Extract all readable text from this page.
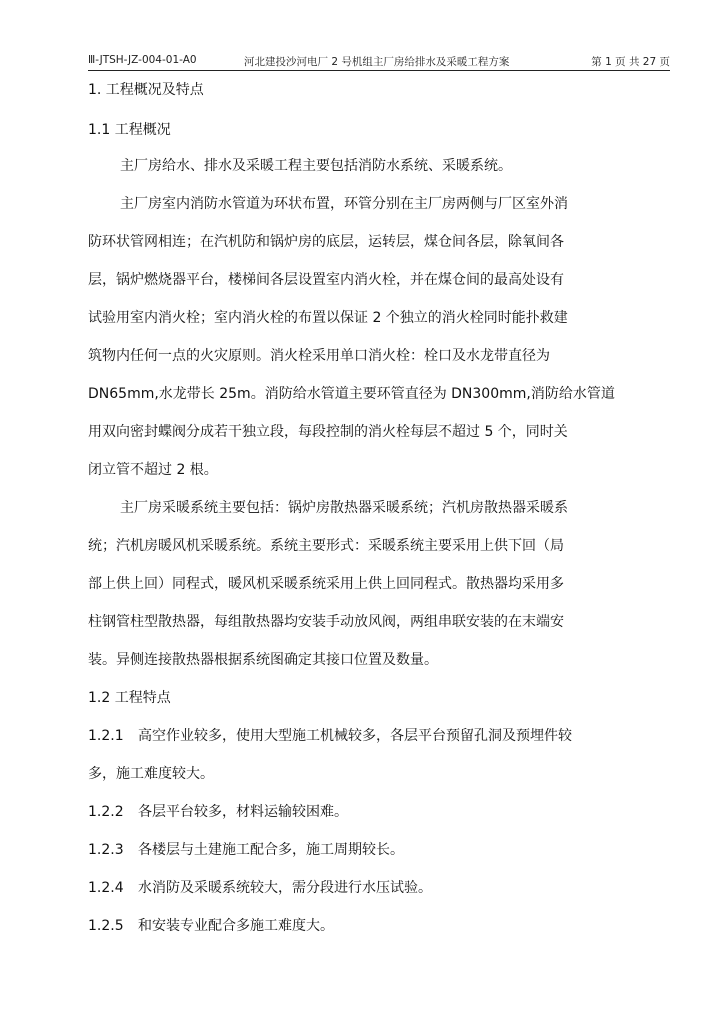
Ⅲ-JTSH-JZ-004-01-A0	河北建投沙河电厂 2 号机组主厂房给排水及采暖工程方案	第 1 页 共 27 页
1. 工程概况及特点
1.1 工程概况
主厂房给水、排水及采暖工程主要包括消防水系统、采暖系统。
主厂房室内消防水管道为环状布置，环管分别在主厂房两侧与厂区室外消
防环状管网相连；在汽机防和锅炉房的底层，运转层，煤仓间各层，除氧间各
层，锅炉燃烧器平台，楼梯间各层设置室内消火栓，并在煤仓间的最高处设有
试验用室内消火栓；室内消火栓的布置以保证 2 个独立的消火栓同时能扑救建
筑物内任何一点的火灾原则。消火栓采用单口消火栓：栓口及水龙带直径为
DN65mm,水龙带长 25m。消防给水管道主要环管直径为 DN300mm,消防给水管道
用双向密封蝶阀分成若干独立段，每段控制的消火栓每层不超过 5 个，同时关
闭立管不超过 2 根。
主厂房采暖系统主要包括：锅炉房散热器采暖系统；汽机房散热器采暖系
统；汽机房暖风机采暖系统。系统主要形式：采暖系统主要采用上供下回（局
部上供上回）同程式，暖风机采暖系统采用上供上回同程式。散热器均采用多
柱钢管柱型散热器，每组散热器均安装手动放风阀，两组串联安装的在末端安
装。异侧连接散热器根据系统图确定其接口位置及数量。
1.2 工程特点
1.2.1 高空作业较多，使用大型施工机械较多，各层平台预留孔洞及预埋件较
多，施工难度较大。
1.2.2 各层平台较多，材料运输较困难。
1.2.3 各楼层与土建施工配合多，施工周期较长。
1.2.4 水消防及采暖系统较大，需分段进行水压试验。
1.2.5 和安装专业配合多施工难度大。
